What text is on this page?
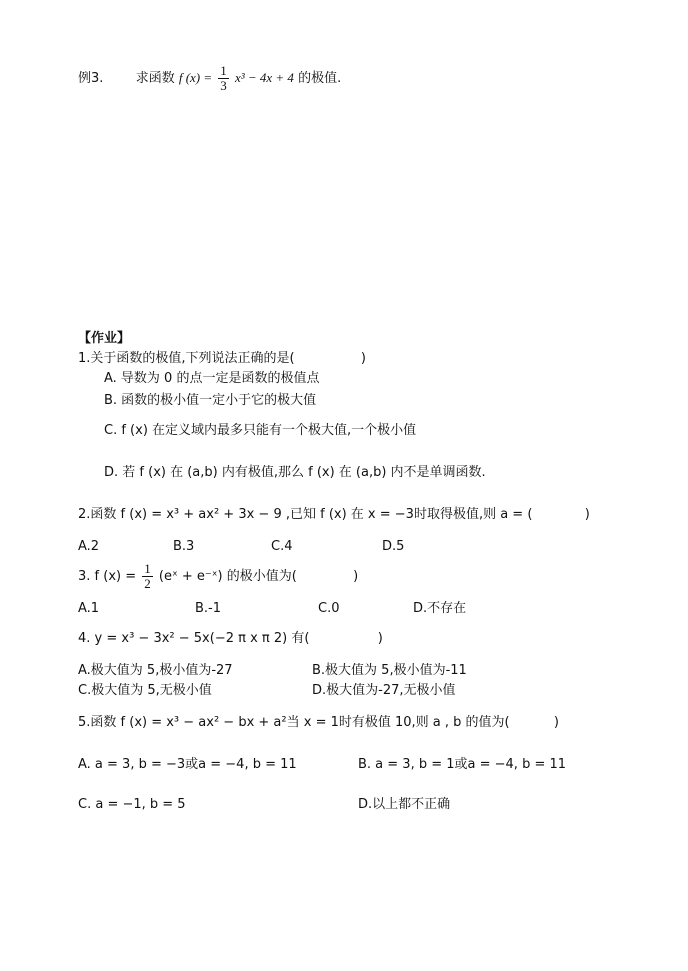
例3. 求函数 f $(x) = \frac{1}{3} x^3 - 4x + 4$ 的极值.
【作业】
1.关于函数的极值,下列说法正确的是(	)
A. 导数为 0 的点一定是函数的极值点
B. 函数的极小值一定小于它的极大值
C. f (x) 在定义域内最多只能有一个极大值,一个极小值
D. 若 f (x) 在 (a,b) 内有极值,那么 f (x) 在 (a,b) 内不是单调函数.
2.函数 f (x) = x³ + ax² + 3x − 9 ,已知 f (x) 在 x = −3时取得极值,则 a = (	)
A.2	B.3	C.4	D.5
3. f $(x) = \frac{1}{2}$ (eˣ + e⁻ˣ) 的极小值为(	)
A.1	B.-1	C.0	D.不存在
4. y = x³ − 3x² − 5x(−2 π x π 2) 有(	)
A.极大值为 5,极小值为-27	B.极大值为 5,极小值为-11
C.极大值为 5,无极小值	D.极大值为-27,无极小值
5.函数 f (x) = x³ − ax² − bx + a²当 x = 1时有极值 10,则 a , b 的值为(	)
A. a = 3, b = −3或a = −4, b = 11	B. a = 3, b = 1或a = −4, b = 11
C. a = −1, b = 5	D.以上都不正确
